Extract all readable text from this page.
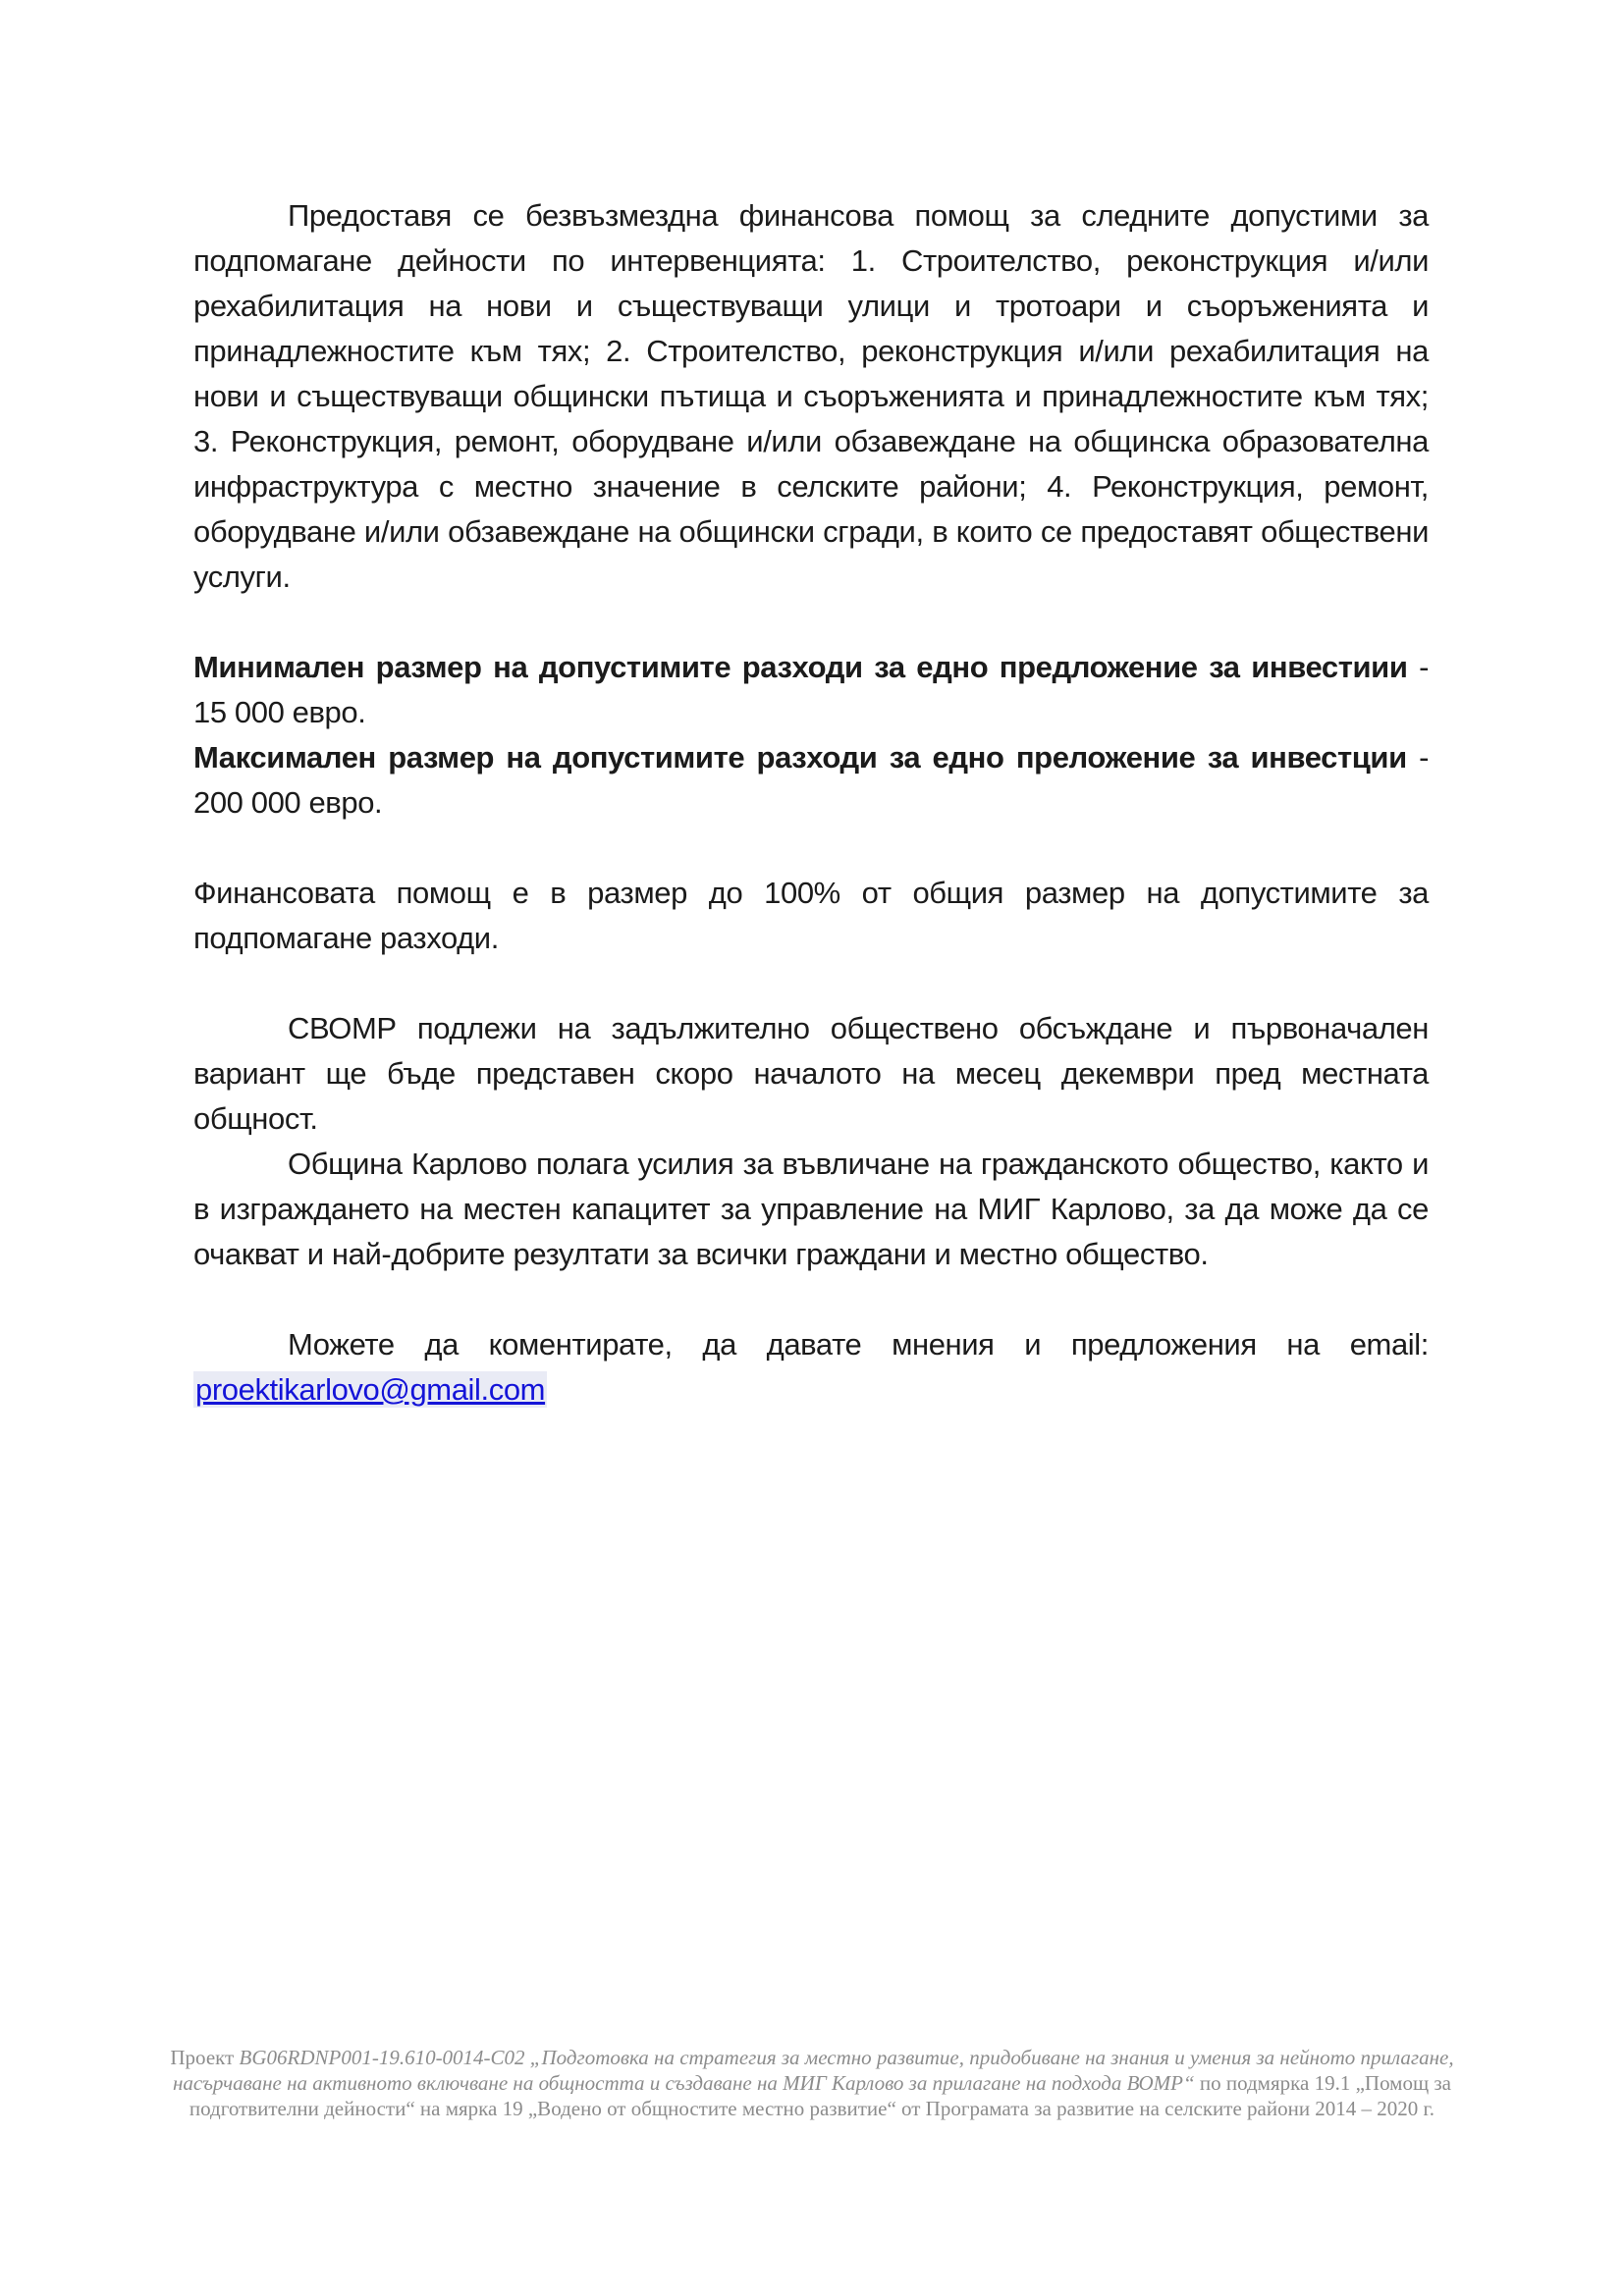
Предоставя се безвъзмездна финансова помощ за следните допустими за подпомагане дейности по интервенцията: 1. Строителство, реконструкция и/или рехабилитация на нови и съществуващи улици и тротоари и съоръженията и принадлежностите към тях; 2. Строителство, реконструкция и/или рехабилитация на нови и съществуващи общински пътища и съоръженията и принадлежностите към тях; 3. Реконструкция, ремонт, оборудване и/или обзавеждане на общинска образователна инфраструктура с местно значение в селските райони; 4. Реконструкция, ремонт, оборудване и/или обзавеждане на общински сгради, в които се предоставят обществени услуги.

Минимален размер на допустимите разходи за едно предложение за инвестиии - 15 000 евро.

Максимален размер на допустимите разходи за едно преложение за инвестции - 200 000 евро.

Финансовата помощ е в размер до 100% от общия размер на допустимите за подпомагане разходи.

СВОМР подлежи на задължително обществено обсъждане и първоначален вариант ще бъде представен скоро началото на месец декември пред местната общност.

Община Карлово полага усилия за въвличане на гражданското общество, както и в изграждането на местен капацитет за управление на МИГ Карлово, за да може да се очакват и най-добрите резултати за всички граждани и местно общество.

Можете да коментирате, да давате мнения и предложения на email: proektikarlovo@gmail.com

Проект BG06RDNP001-19.610-0014-C02 „Подготовка на стратегия за местно развитие, придобиване на знания и умения за нейното прилагане, насърчаване на активното включване на общността и създаване на МИГ Карлово за прилагане на подхода ВОМР“ по подмярка 19.1 „Помощ за подготвителни дейности“ на мярка 19 „Водено от общностите местно развитие“ от Програмата за развитие на селските райони 2014 – 2020 г.
